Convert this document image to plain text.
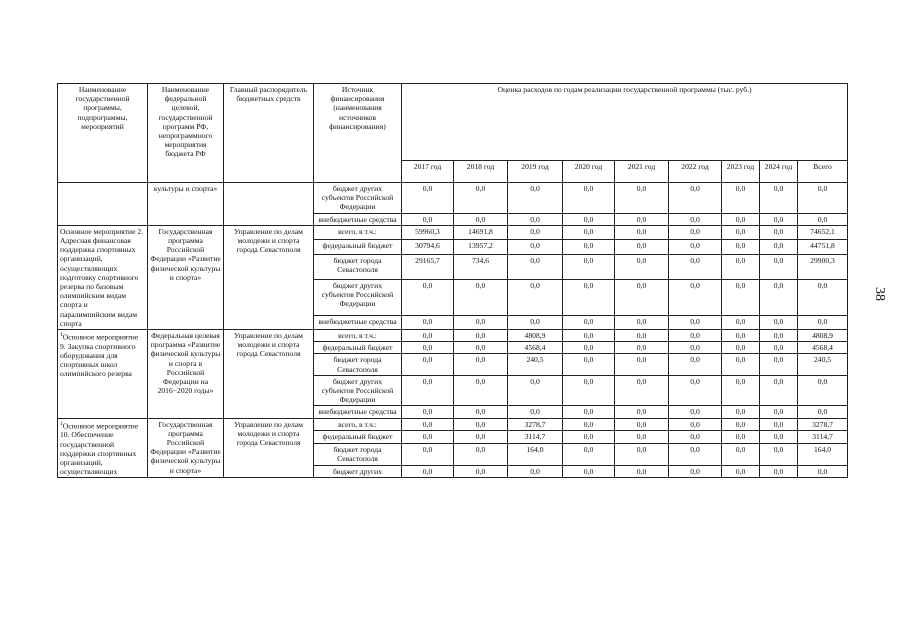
38
Наименование государственной программы, подпрограммы, мероприятий	Наименование федеральной целевой, государственной программ РФ, непрограммного мероприятия бюджета РФ	Главный распорядитель бюджетных средств	Источник финансирования (наименования источников финансирования)	Оценка расходов по годам реализации государственной программы (тыс. руб.)								
				2017 год	2018 год	2019 год	2020 год	2021 год	2022 год	2023 год	2024 год	Всего
	культуры и спорта»		бюджет других субъектов Российской Федерации	0,0	0,0	0,0	0,0	0,0	0,0	0,0	0,0	0,0
			внебюджетные средства	0,0	0,0	0,0	0,0	0,0	0,0	0,0	0,0	0,0
Основное мероприятие 2. Адресная финансовая поддержка спортивных организаций, осуществляющих подготовку спортивного резерва по базовым олимпийским видам спорта и паралимпийским видам спорта	Государственная программа Российской Федерации «Развитие физической культуры и спорта»	Управление по делам молодежи и спорта города Севастополя	всего, в т.ч.:	59960,3	14691,8	0,0	0,0	0,0	0,0	0,0	0,0	74652,1
			федеральный бюджет	30794,6	13957,2	0,0	0,0	0,0	0,0	0,0	0,0	44751,8
			бюджет города Севастополя	29165,7	734,6	0,0	0,0	0,0	0,0	0,0	0,0	29900,3
			бюджет других субъектов Российской Федерации	0,0	0,0	0,0	0,0	0,0	0,0	0,0	0,0	0,0
			внебюджетные средства	0,0	0,0	0,0	0,0	0,0	0,0	0,0	0,0	0,0
$^1$Основное мероприятие 9. Закупка спортивного оборудования для спортивных школ олимпийского резерва	Федеральная целевая программа «Развитие физической культуры и спорта в Российской Федерации на 2016−2020 годы»	Управление по делам молодежи и спорта города Севастополя	всего, в т.ч.:	0,0	0,0	4808,9	0,0	0,0	0,0	0,0	0,0	4808,9
			федеральный бюджет	0,0	0,0	4568,4	0,0	0,0	0,0	0,0	0,0	4568,4
			бюджет города Севастополя	0,0	0,0	240,5	0,0	0,0	0,0	0,0	0,0	240,5
			бюджет других субъектов Российской Федерации	0,0	0,0	0,0	0,0	0,0	0,0	0,0	0,0	0,0
			внебюджетные средства	0,0	0,0	0,0	0,0	0,0	0,0	0,0	0,0	0,0
$^1$Основное мероприятие 10. Обеспечение государственной поддержки спортивных организаций, осуществляющих	Государственная программа Российской Федерации «Развитие физической культуры и спорта»	Управление по делам молодежи и спорта города Севастополя	всего, в т.ч.:	0,0	0,0	3278,7	0,0	0,0	0,0	0,0	0,0	3278,7
			федеральный бюджет	0,0	0,0	3114,7	0,0	0,0	0,0	0,0	0,0	3114,7
			бюджет города Севастополя	0,0	0,0	164,0	0,0	0,0	0,0	0,0	0,0	164,0
			бюджет других	0,0	0,0	0,0	0,0	0,0	0,0	0,0	0,0	0,0
